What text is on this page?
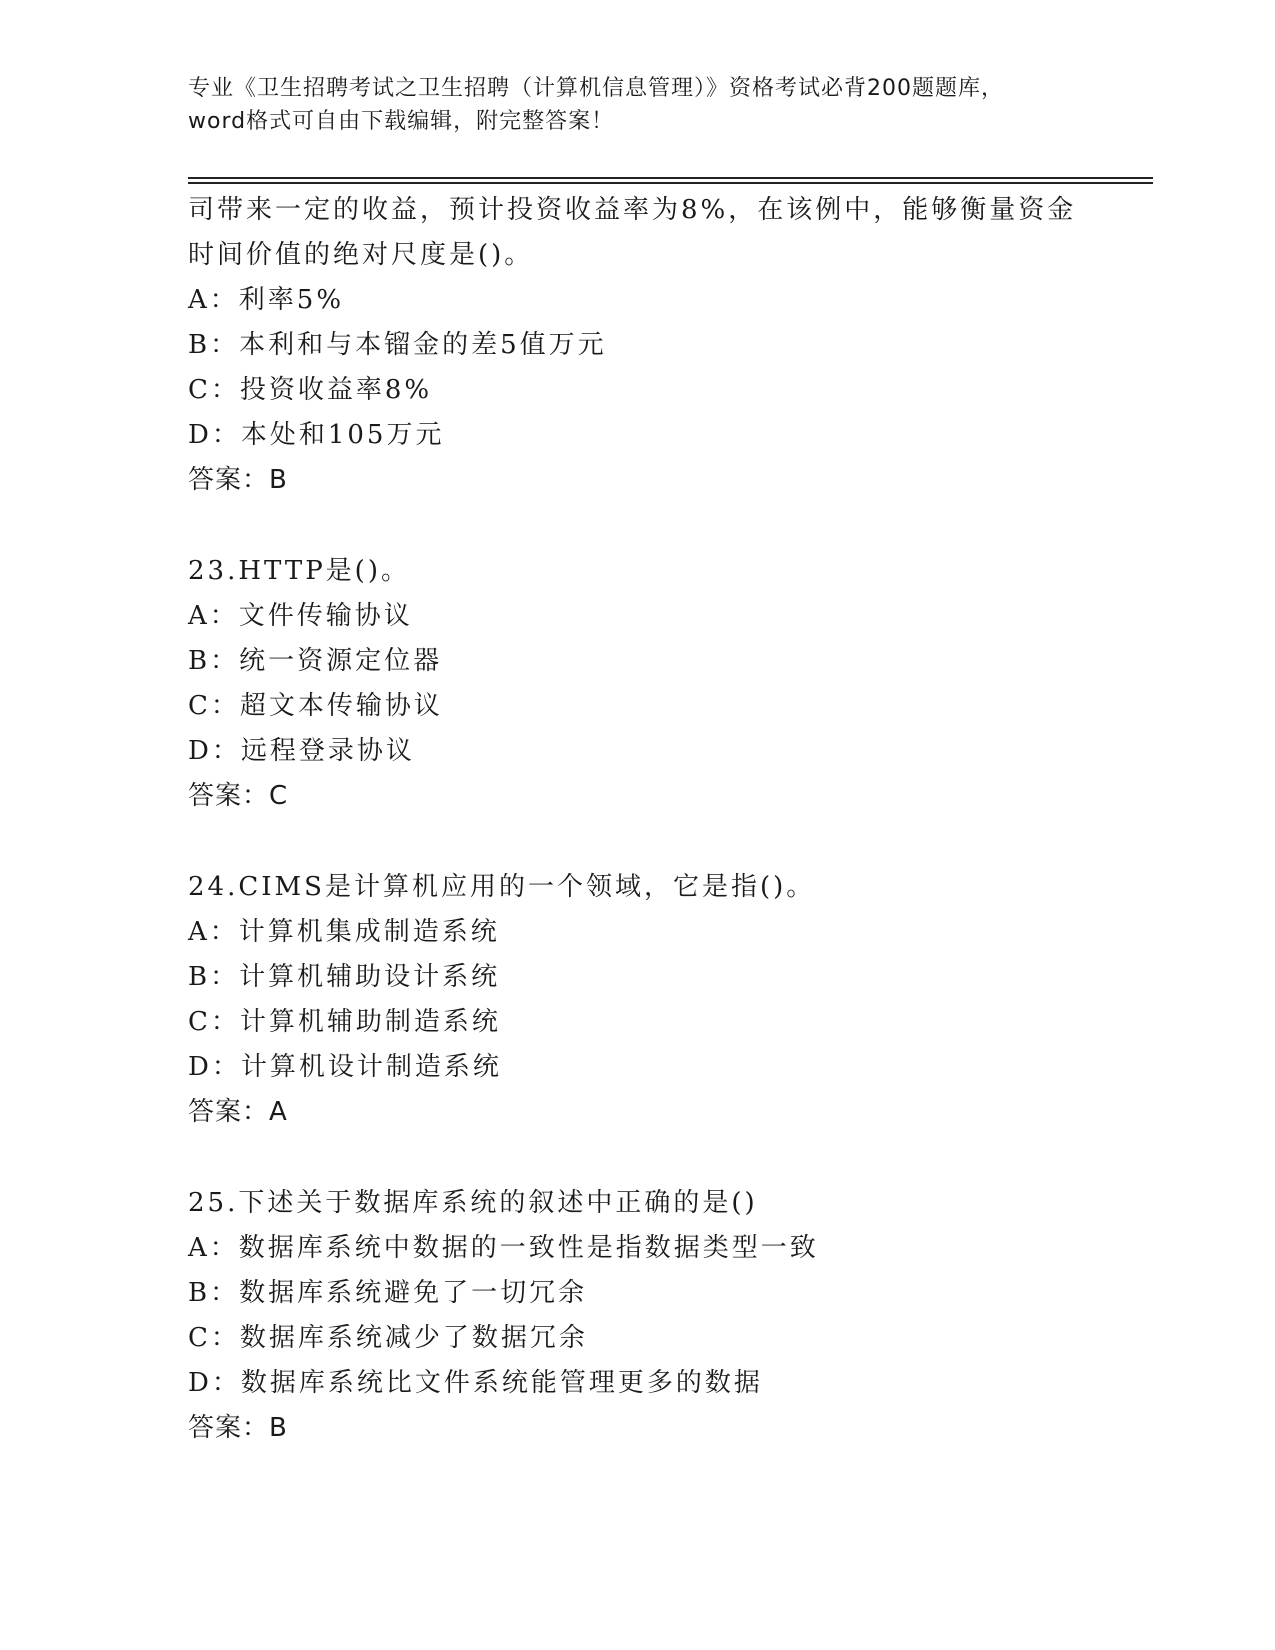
专业《卫生招聘考试之卫生招聘（计算机信息管理）》资格考试必背200题题库，
word格式可自由下载编辑，附完整答案！
司带来一定的收益，预计投资收益率为8%，在该例中，能够衡量资金
时间价值的绝对尺度是()。
A：利率5%
B：本利和与本镏金的差5值万元
C：投资收益率8%
D：本处和105万元
答案：B
23.HTTP是()。
A：文件传输协议
B：统一资源定位器
C：超文本传输协议
D：远程登录协议
答案：C
24.CIMS是计算机应用的一个领域，它是指()。
A：计算机集成制造系统
B：计算机辅助设计系统
C：计算机辅助制造系统
D：计算机设计制造系统
答案：A
25.下述关于数据库系统的叙述中正确的是()
A：数据库系统中数据的一致性是指数据类型一致
B：数据库系统避免了一切冗余
C：数据库系统减少了数据冗余
D：数据库系统比文件系统能管理更多的数据
答案：B
